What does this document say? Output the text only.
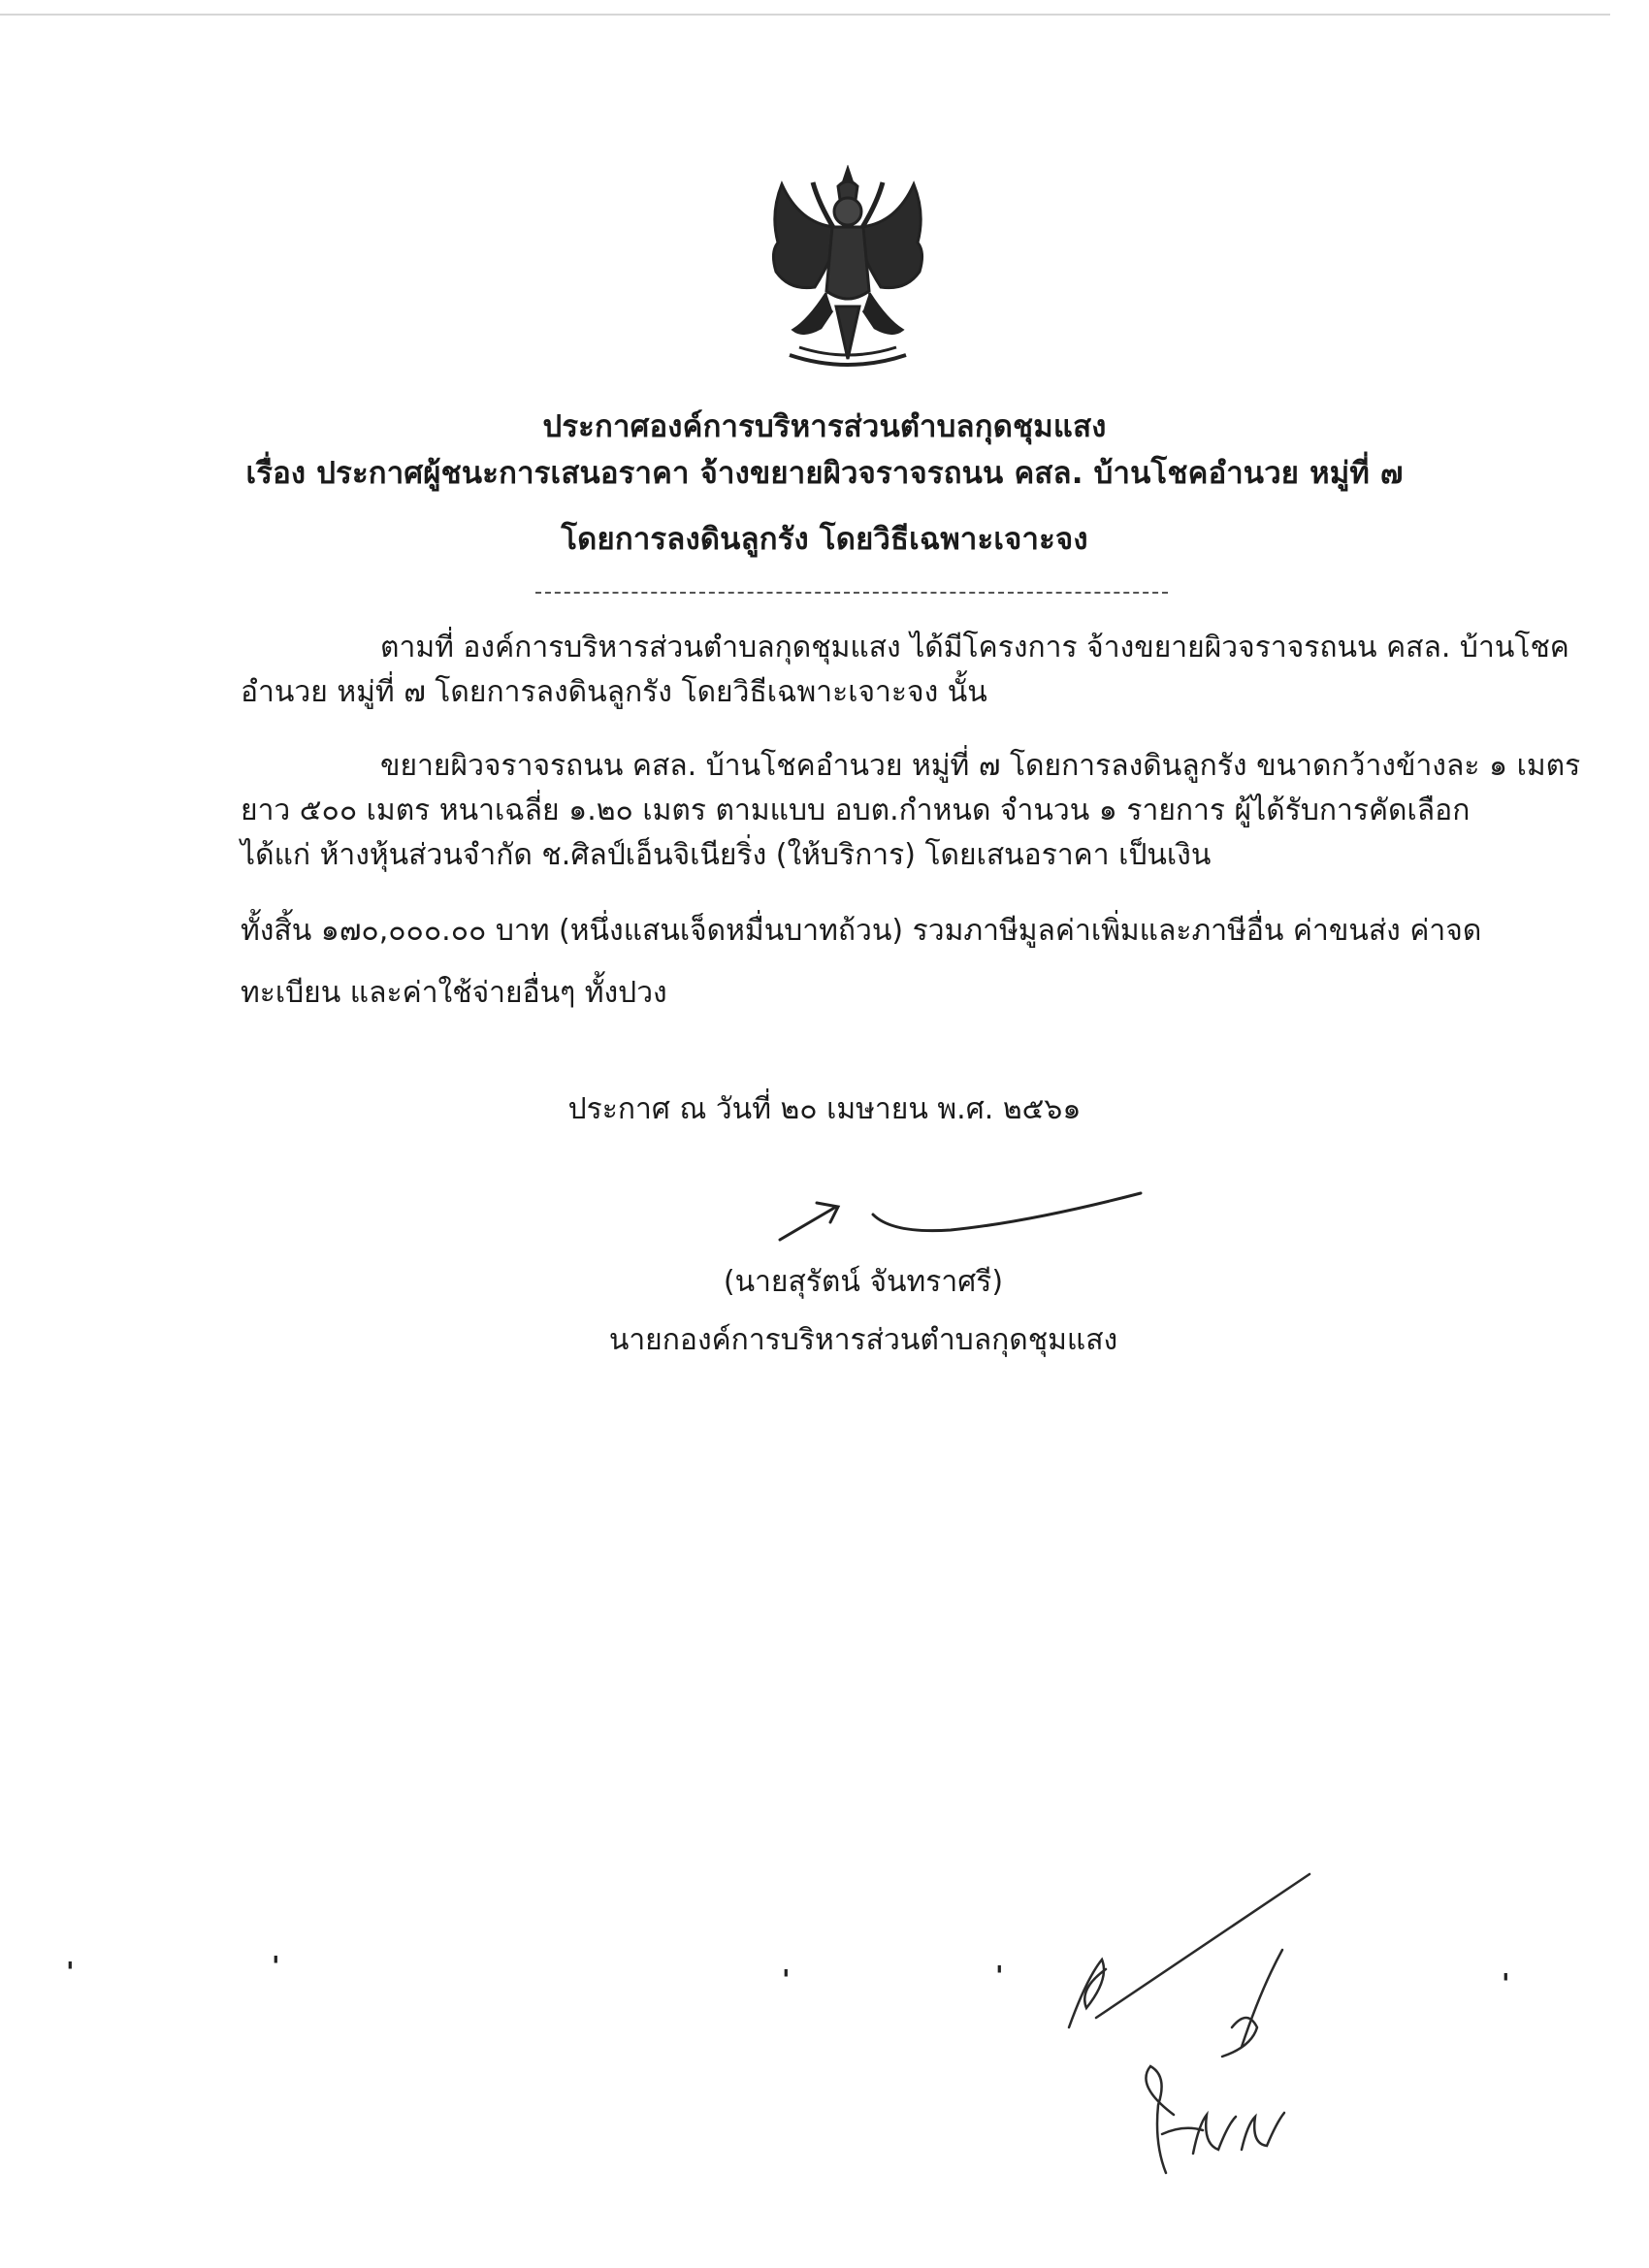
ประกาศองค์การบริหารส่วนตำบลกุดชุมแสง
เรื่อง ประกาศผู้ชนะการเสนอราคา จ้างขยายผิวจราจรถนน คสล. บ้านโชคอำนวย หมู่ที่ ๗
โดยการลงดินลูกรัง โดยวิธีเฉพาะเจาะจง
ตามที่ องค์การบริหารส่วนตำบลกุดชุมแสง ได้มีโครงการ จ้างขยายผิวจราจรถนน คสล. บ้านโชค
อำนวย หมู่ที่ ๗ โดยการลงดินลูกรัง โดยวิธีเฉพาะเจาะจง นั้น
ขยายผิวจราจรถนน คสล. บ้านโชคอำนวย หมู่ที่ ๗ โดยการลงดินลูกรัง ขนาดกว้างข้างละ ๑ เมตร
ยาว ๕๐๐ เมตร หนาเฉลี่ย ๑.๒๐ เมตร ตามแบบ อบต.กำหนด จำนวน ๑ รายการ ผู้ได้รับการคัดเลือก
ได้แก่ ห้างหุ้นส่วนจำกัด ช.ศิลป์เอ็นจิเนียริ่ง (ให้บริการ) โดยเสนอราคา เป็นเงิน
ทั้งสิ้น ๑๗๐,๐๐๐.๐๐ บาท (หนึ่งแสนเจ็ดหมื่นบาทถ้วน) รวมภาษีมูลค่าเพิ่มและภาษีอื่น ค่าขนส่ง ค่าจด
ทะเบียน และค่าใช้จ่ายอื่นๆ ทั้งปวง
ประกาศ ณ วันที่ ๒๐ เมษายน พ.ศ. ๒๕๖๑
(นายสุรัตน์ จันทราศรี)
นายกองค์การบริหารส่วนตำบลกุดชุมแสง
'	'	'	'	'
